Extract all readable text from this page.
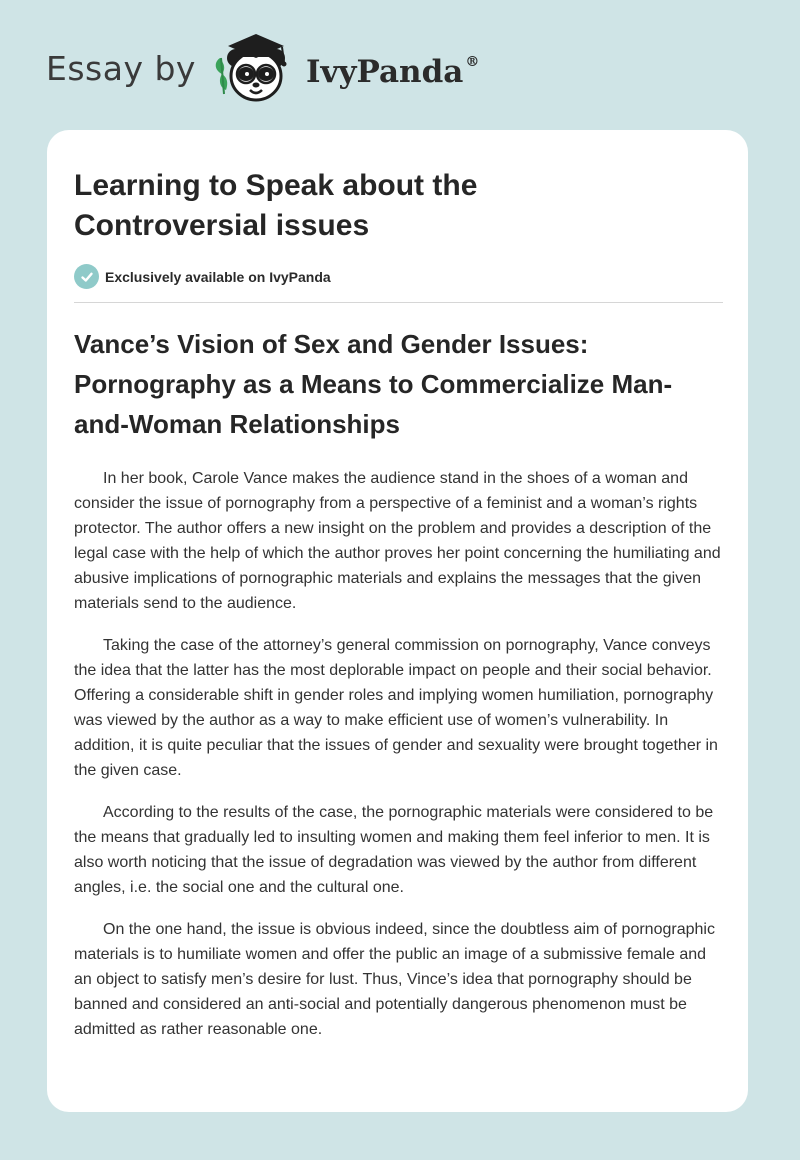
Essay by	IvyPanda ®
Learning to Speak about the Controversial issues
Exclusively available on IvyPanda
Vance’s Vision of Sex and Gender Issues: Pornography as a Means to Commercialize Man-and-Woman Relationships

In her book, Carole Vance makes the audience stand in the shoes of a woman and consider the issue of pornography from a perspective of a feminist and a woman’s rights protector. The author offers a new insight on the problem and provides a description of the legal case with the help of which the author proves her point concerning the humiliating and abusive implications of pornographic materials and explains the messages that the given materials send to the audience.

Taking the case of the attorney’s general commission on pornography, Vance conveys the idea that the latter has the most deplorable impact on people and their social behavior. Offering a considerable shift in gender roles and implying women humiliation, pornography was viewed by the author as a way to make efficient use of women’s vulnerability. In addition, it is quite peculiar that the issues of gender and sexuality were brought together in the given case.

According to the results of the case, the pornographic materials were considered to be the means that gradually led to insulting women and making them feel inferior to men. It is also worth noticing that the issue of degradation was viewed by the author from different angles, i.e. the social one and the cultural one.

On the one hand, the issue is obvious indeed, since the doubtless aim of pornographic materials is to humiliate women and offer the public an image of a submissive female and an object to satisfy men’s desire for lust. Thus, Vince’s idea that pornography should be banned and considered an anti-social and potentially dangerous phenomenon must be admitted as rather reasonable one.
